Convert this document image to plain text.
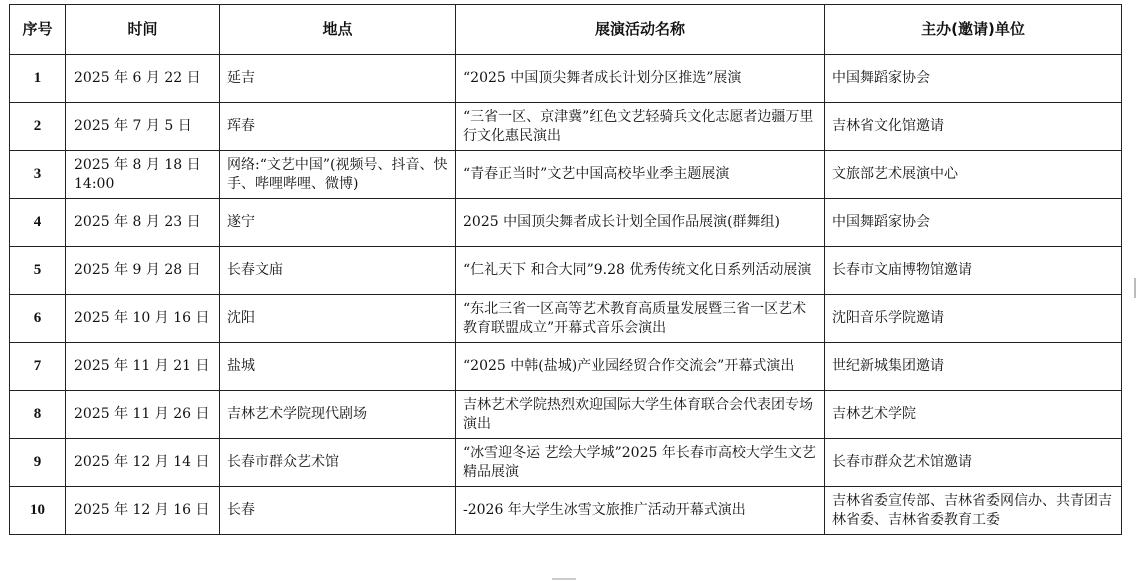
序号	时间	地点	展演活动名称	主办(邀请)单位
1	2025 年 6 月 22 日	延吉	“2025 中国顶尖舞者成长计划分区推选”展演	中国舞蹈家协会
2	2025 年 7 月 5 日	珲春	“三省一区、京津冀”红色文艺轻骑兵文化志愿者边疆万里行文化惠民演出	吉林省文化馆邀请
3	2025 年 8 月 18 日 14:00	网络:“文艺中国”(视频号、抖音、快手、哔哩哔哩、微博)	“青春正当时”文艺中国高校毕业季主题展演	文旅部艺术展演中心
4	2025 年 8 月 23 日	遂宁	2025 中国顶尖舞者成长计划全国作品展演(群舞组)	中国舞蹈家协会
5	2025 年 9 月 28 日	长春文庙	“仁礼天下 和合大同”9.28 优秀传统文化日系列活动展演	长春市文庙博物馆邀请
6	2025 年 10 月 16 日	沈阳	“东北三省一区高等艺术教育高质量发展暨三省一区艺术教育联盟成立”开幕式音乐会演出	沈阳音乐学院邀请
7	2025 年 11 月 21 日	盐城	“2025 中韩(盐城)产业园经贸合作交流会”开幕式演出	世纪新城集团邀请
8	2025 年 11 月 26 日	吉林艺术学院现代剧场	吉林艺术学院热烈欢迎国际大学生体育联合会代表团专场演出	吉林艺术学院
9	2025 年 12 月 14 日	长春市群众艺术馆	“冰雪迎冬运 艺绘大学城”2025 年长春市高校大学生文艺精品展演	长春市群众艺术馆邀请
10	2025 年 12 月 16 日	长春	-2026 年大学生冰雪文旅推广活动开幕式演出	吉林省委宣传部、吉林省委网信办、共青团吉林省委、吉林省委教育工委
